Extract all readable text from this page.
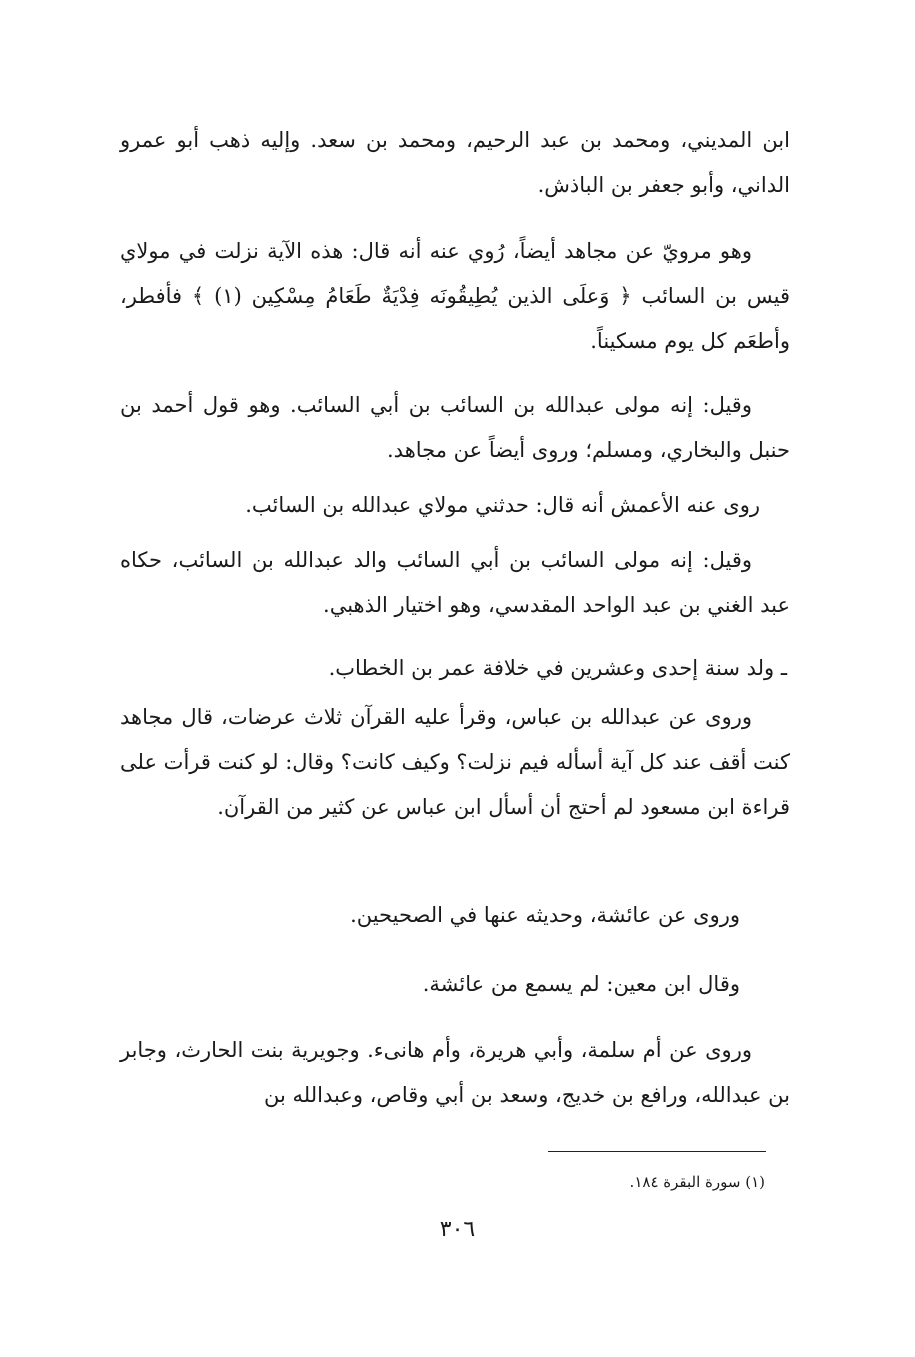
ابن المديني، ومحمد بن عبد الرحيم، ومحمد بن سعد. وإليه ذهب أبو عمرو الداني، وأبو جعفر بن الباذش.

وهو مرويّ عن مجاهد أيضاً، رُوي عنه أنه قال: هذه الآية نزلت في مولاي قيس بن السائب ﴿ وَعلَى الذين يُطِيقُونَه فِدْيَةٌ طَعَامُ مِسْكِين (١) ﴾ فأفطر، وأطعَم كل يوم مسكيناً.

وقيل: إنه مولى عبدالله بن السائب بن أبي السائب. وهو قول أحمد بن حنبل والبخاري، ومسلم؛ وروى أيضاً عن مجاهد.

روى عنه الأعمش أنه قال: حدثني مولاي عبدالله بن السائب.

وقيل: إنه مولى السائب بن أبي السائب والد عبدالله بن السائب، حكاه عبد الغني بن عبد الواحد المقدسي، وهو اختيار الذهبي.

ـ ولد سنة إحدى وعشرين في خلافة عمر بن الخطاب.

وروى عن عبدالله بن عباس، وقرأ عليه القرآن ثلاث عرضات، قال مجاهد كنت أقف عند كل آية أسأله فيم نزلت؟ وكيف كانت؟ وقال: لو كنت قرأت على قراءة ابن مسعود لم أحتج أن أسأل ابن عباس عن كثير من القرآن.

وروى عن عائشة، وحديثه عنها في الصحيحين.

وقال ابن معين: لم يسمع من عائشة.

وروى عن أم سلمة، وأبي هريرة، وأم هانىء. وجويرية بنت الحارث، وجابر بن عبدالله، ورافع بن خديج، وسعد بن أبي وقاص، وعبدالله بن

(١) سورة البقرة ١٨٤.
٣٠٦
